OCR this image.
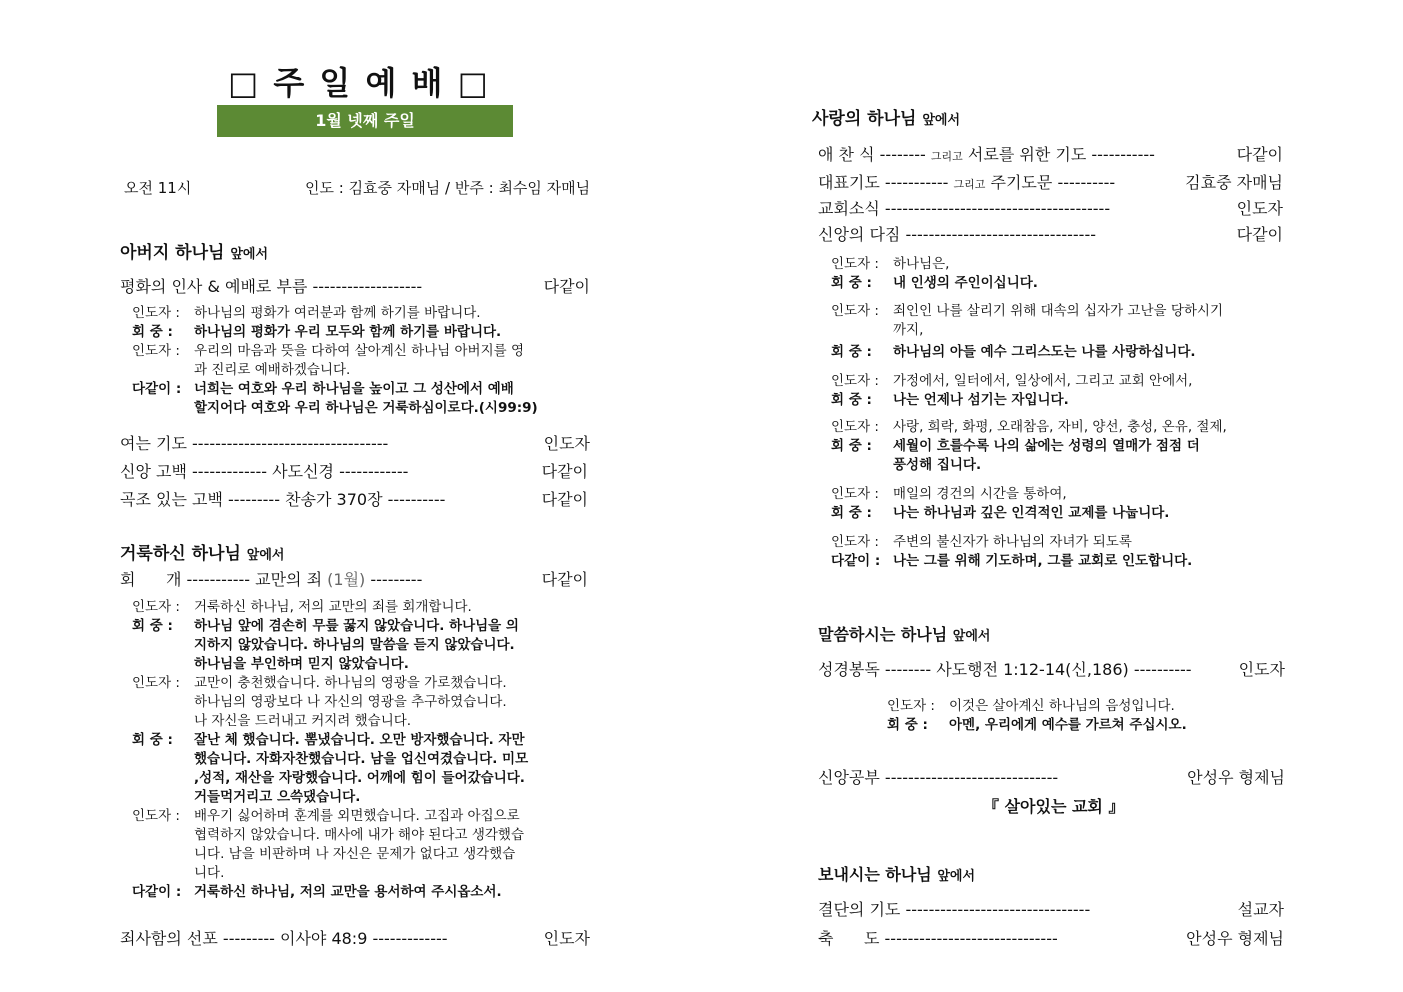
□ 주 일 예 배 □
1월 넷째 주일
오전 11시	인도 : 김효중 자매님 / 반주 : 최수임 자매님
아버지 하나님 앞에서
평화의 인사 & 예배로 부름 -------------------	다같이
인도자 : 하나님의 평화가 여러분과 함께 하기를 바랍니다.
회 중 : 하나님의 평화가 우리 모두와 함께 하기를 바랍니다.
인도자 : 우리의 마음과 뜻을 다하여 살아계신 하나님 아버지를 영
과 진리로 예배하겠습니다.
다같이 : 너희는 여호와 우리 하나님을 높이고 그 성산에서 예배
할지어다 여호와 우리 하나님은 거룩하심이로다.(시99:9)
여는 기도 ----------------------------------	인도자
신앙 고백 ------------- 사도신경 ------------	다같이
곡조 있는 고백 --------- 찬송가 370장 ----------	다같이
거룩하신 하나님 앞에서
회      개 ----------- 교만의 죄 (1월) ---------	다같이
인도자 : 거룩하신 하나님, 저의 교만의 죄를 회개합니다.
회 중 : 하나님 앞에 겸손히 무릎 꿇지 않았습니다. 하나님을 의
지하지 않았습니다. 하나님의 말씀을 듣지 않았습니다.
하나님을 부인하며 믿지 않았습니다.
인도자 : 교만이 충천했습니다. 하나님의 영광을 가로챘습니다.
하나님의 영광보다 나 자신의 영광을 추구하였습니다.
나 자신을 드러내고 커지려 했습니다.
회 중 : 잘난 체 했습니다. 뽐냈습니다. 오만 방자했습니다. 자만
했습니다. 자화자찬했습니다. 남을 업신여겼습니다. 미모
,성적, 재산을 자랑했습니다. 어깨에 힘이 들어갔습니다.
거들먹거리고 으쓱댔습니다.
인도자 : 배우기 싫어하며 훈계를 외면했습니다. 고집과 아집으로
협력하지 않았습니다. 매사에 내가 해야 된다고 생각했습
니다. 남을 비판하며 나 자신은 문제가 없다고 생각했습
니다.
다같이 : 거룩하신 하나님, 저의 교만을 용서하여 주시옵소서.
죄사함의 선포 --------- 이사야 48:9 -------------	인도자
사랑의 하나님 앞에서
애 찬 식 -------- 그리고 서로를 위한 기도 -----------	다같이
대표기도 ----------- 그리고 주기도문 ----------	김효중 자매님
교회소식 ---------------------------------------	인도자
신앙의 다짐 ---------------------------------	다같이
인도자 : 하나님은,
회 중 : 내 인생의 주인이십니다.
인도자 : 죄인인 나를 살리기 위해 대속의 십자가 고난을 당하시기
까지,
회 중 : 하나님의 아들 예수 그리스도는 나를 사랑하십니다.
인도자 : 가정에서, 일터에서, 일상에서, 그리고 교회 안에서,
회 중 : 나는 언제나 섬기는 자입니다.
인도자 : 사랑, 희락, 화평, 오래참음, 자비, 양선, 충성, 온유, 절제,
회 중 : 세월이 흐를수록 나의 삶에는 성령의 열매가 점점 더
풍성해 집니다.
인도자 : 매일의 경건의 시간을 통하여,
회 중 : 나는 하나님과 깊은 인격적인 교제를 나눕니다.
인도자 : 주변의 불신자가 하나님의 자녀가 되도록
다같이 : 나는 그를 위해 기도하며, 그를 교회로 인도합니다.
말씀하시는 하나님 앞에서
성경봉독 -------- 사도행전 1:12-14(신,186) ----------	인도자
인도자 : 이것은 살아계신 하나님의 음성입니다.
회 중 : 아멘, 우리에게 예수를 가르쳐 주십시오.
신앙공부 ------------------------------	안성우 형제님
『 살아있는 교회 』
보내시는 하나님 앞에서
결단의 기도 --------------------------------	설교자
축      도 ------------------------------	안성우 형제님
